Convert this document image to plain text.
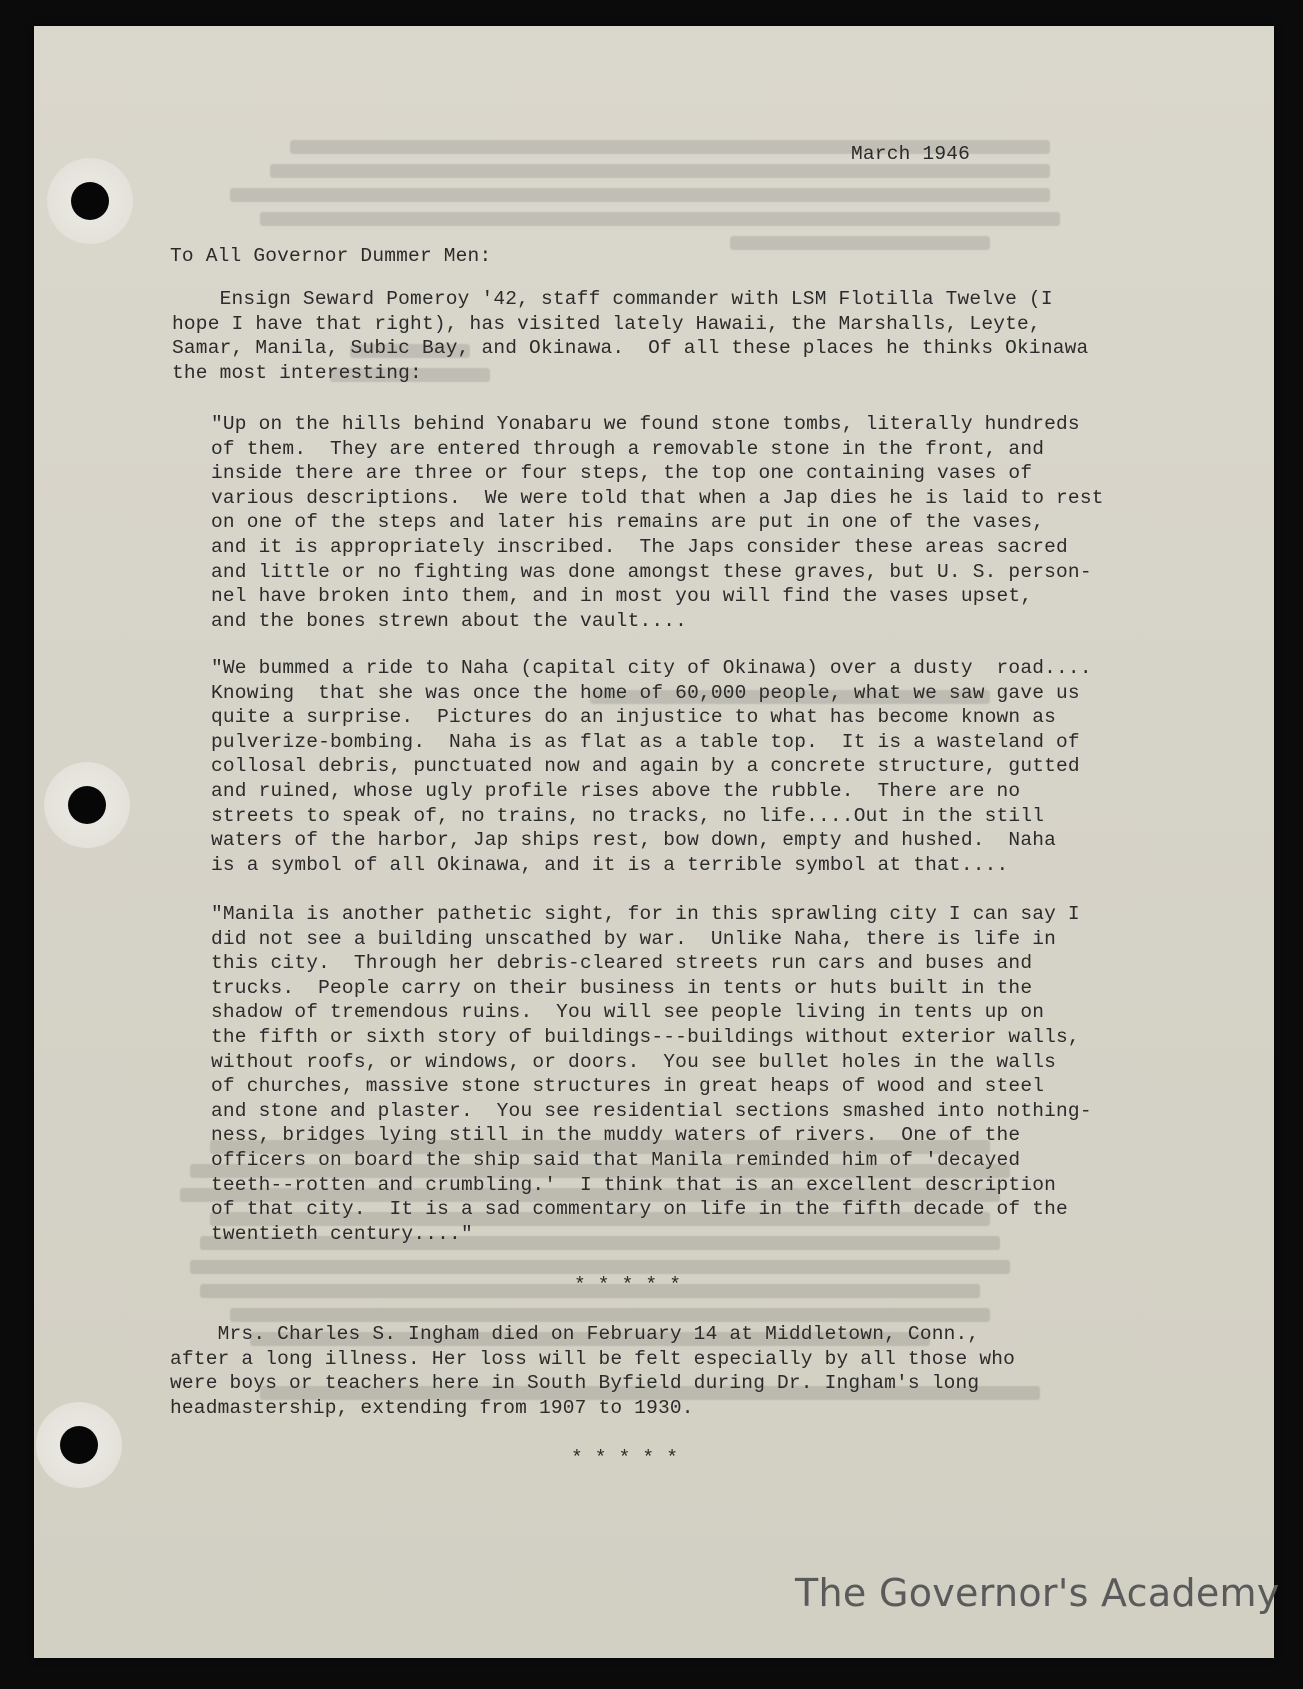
March 1946
To All Governor Dummer Men:
Ensign Seward Pomeroy '42, staff commander with LSM Flotilla Twelve (I
hope I have that right), has visited lately Hawaii, the Marshalls, Leyte,
Samar, Manila, Subic Bay, and Okinawa.  Of all these places he thinks Okinawa
the most interesting:
"Up on the hills behind Yonabaru we found stone tombs, literally hundreds
of them.  They are entered through a removable stone in the front, and
inside there are three or four steps, the top one containing vases of
various descriptions.  We were told that when a Jap dies he is laid to rest
on one of the steps and later his remains are put in one of the vases,
and it is appropriately inscribed.  The Japs consider these areas sacred
and little or no fighting was done amongst these graves, but U. S. person-
nel have broken into them, and in most you will find the vases upset,
and the bones strewn about the vault....
"We bummed a ride to Naha (capital city of Okinawa) over a dusty  road....
Knowing  that she was once the home of 60,000 people, what we saw gave us
quite a surprise.  Pictures do an injustice to what has become known as
pulverize-bombing.  Naha is as flat as a table top.  It is a wasteland of
collosal debris, punctuated now and again by a concrete structure, gutted
and ruined, whose ugly profile rises above the rubble.  There are no
streets to speak of, no trains, no tracks, no life....Out in the still
waters of the harbor, Jap ships rest, bow down, empty and hushed.  Naha
is a symbol of all Okinawa, and it is a terrible symbol at that....
"Manila is another pathetic sight, for in this sprawling city I can say I
did not see a building unscathed by war.  Unlike Naha, there is life in
this city.  Through her debris-cleared streets run cars and buses and
trucks.  People carry on their business in tents or huts built in the
shadow of tremendous ruins.  You will see people living in tents up on
the fifth or sixth story of buildings---buildings without exterior walls,
without roofs, or windows, or doors.  You see bullet holes in the walls
of churches, massive stone structures in great heaps of wood and steel
and stone and plaster.  You see residential sections smashed into nothing-
ness, bridges lying still in the muddy waters of rivers.  One of the
officers on board the ship said that Manila reminded him of 'decayed
teeth--rotten and crumbling.'  I think that is an excellent description
of that city.  It is a sad commentary on life in the fifth decade of the
twentieth century...."
* * * * *
Mrs. Charles S. Ingham died on February 14 at Middletown, Conn.,
after a long illness. Her loss will be felt especially by all those who
were boys or teachers here in South Byfield during Dr. Ingham's long
headmastership, extending from 1907 to 1930.
* * * * *
The Governor's Academy
